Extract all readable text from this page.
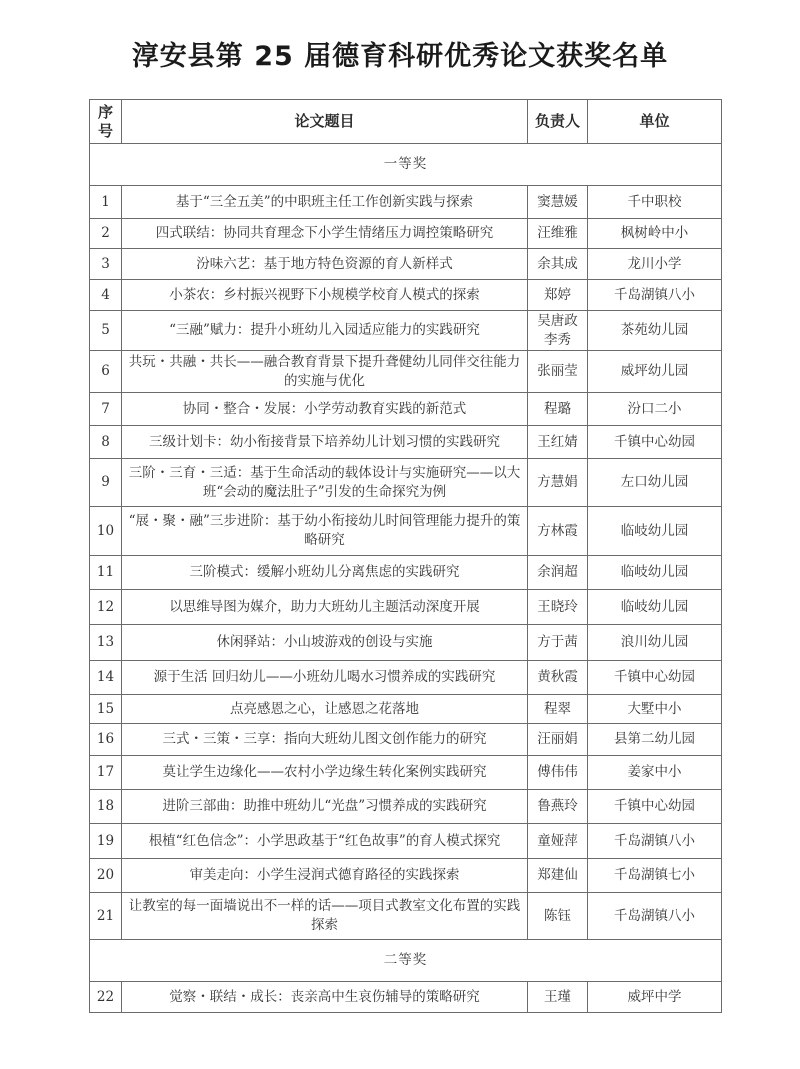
淳安县第 25 届德育科研优秀论文获奖名单
序号	论文题目	负责人	单位
一等奖			
1	基于“三全五美”的中职班主任工作创新实践与探索	窦慧媛	千中职校
2	四式联结：协同共育理念下小学生情绪压力调控策略研究	汪维雅	枫树岭中小
3	汾味六艺：基于地方特色资源的育人新样式	余其成	龙川小学
4	小茶农：乡村振兴视野下小规模学校育人模式的探索	郑婷	千岛湖镇八小
5	“三融”赋力：提升小班幼儿入园适应能力的实践研究	吴唐政 李秀	茶苑幼儿园
6	共玩・共融・共长——融合教育背景下提升聋健幼儿同伴交往能力的实施与优化	张丽莹	威坪幼儿园
7	协同・整合・发展：小学劳动教育实践的新范式	程璐	汾口二小
8	三级计划卡：幼小衔接背景下培养幼儿计划习惯的实践研究	王红婧	千镇中心幼园
9	三阶・三育・三适：基于生命活动的载体设计与实施研究——以大班“会动的魔法肚子”引发的生命探究为例	方慧娟	左口幼儿园
10	“展・聚・融”三步进阶：基于幼小衔接幼儿时间管理能力提升的策略研究	方林霞	临岐幼儿园
11	三阶模式：缓解小班幼儿分离焦虑的实践研究	余润超	临岐幼儿园
12	以思维导图为媒介，助力大班幼儿主题活动深度开展	王晓玲	临岐幼儿园
13	休闲驿站：小山坡游戏的创设与实施	方于茜	浪川幼儿园
14	源于生活 回归幼儿——小班幼儿喝水习惯养成的实践研究	黄秋霞	千镇中心幼园
15	点亮感恩之心，让感恩之花落地	程翠	大墅中小
16	三式・三策・三享：指向大班幼儿图文创作能力的研究	汪丽娟	县第二幼儿园
17	莫让学生边缘化——农村小学边缘生转化案例实践研究	傅伟伟	姜家中小
18	进阶三部曲：助推中班幼儿“光盘”习惯养成的实践研究	鲁燕玲	千镇中心幼园
19	根植“红色信念”：小学思政基于“红色故事”的育人模式探究	童娅萍	千岛湖镇八小
20	审美走向：小学生浸润式德育路径的实践探索	郑建仙	千岛湖镇七小
21	让教室的每一面墙说出不一样的话——项目式教室文化布置的实践探索	陈钰	千岛湖镇八小
二等奖			
22	觉察・联结・成长：丧亲高中生哀伤辅导的策略研究	王瑾	威坪中学
